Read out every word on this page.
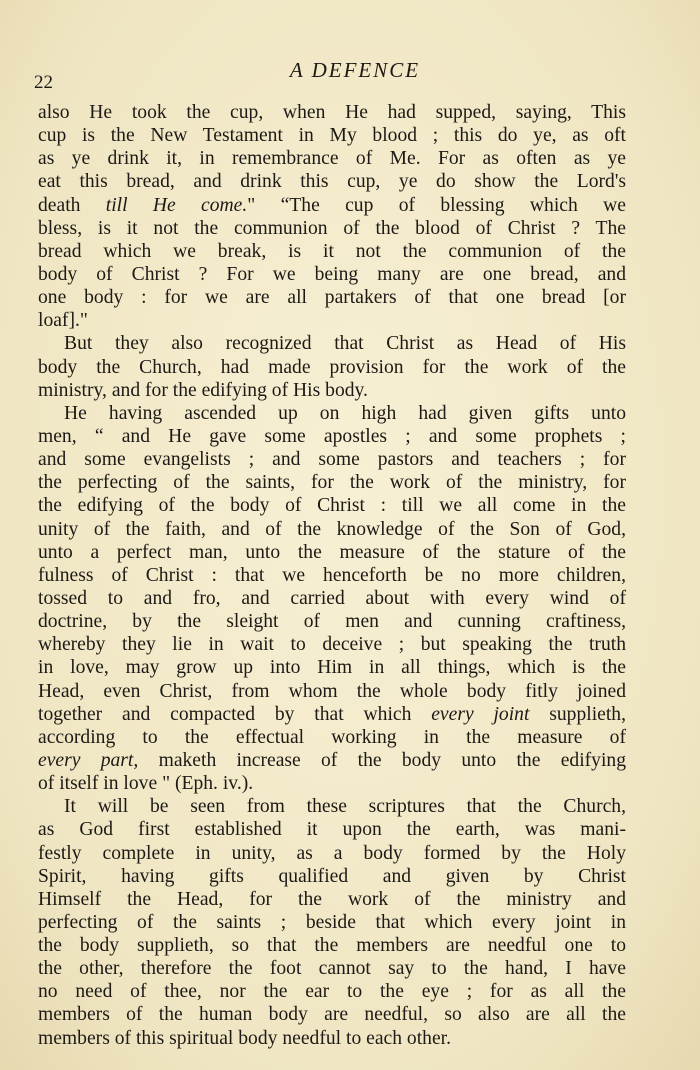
22
A DEFENCE
also He took the cup, when He had supped, saying, This
cup is the New Testament in My blood ; this do ye, as oft
as ye drink it, in remembrance of Me. For as often as ye
eat this bread, and drink this cup, ye do show the Lord's
death till He come." “The cup of blessing which we
bless, is it not the communion of the blood of Christ ? The
bread which we break, is it not the communion of the
body of Christ ? For we being many are one bread, and
one body : for we are all partakers of that one bread [or
loaf]."
But they also recognized that Christ as Head of His
body the Church, had made provision for the work of the
ministry, and for the edifying of His body.
He having ascended up on high had given gifts unto
men, “ and He gave some apostles ; and some prophets ;
and some evangelists ; and some pastors and teachers ; for
the perfecting of the saints, for the work of the ministry, for
the edifying of the body of Christ : till we all come in the
unity of the faith, and of the knowledge of the Son of God,
unto a perfect man, unto the measure of the stature of the
fulness of Christ : that we henceforth be no more children,
tossed to and fro, and carried about with every wind of
doctrine, by the sleight of men and cunning craftiness,
whereby they lie in wait to deceive ; but speaking the truth
in love, may grow up into Him in all things, which is the
Head, even Christ, from whom the whole body fitly joined
together and compacted by that which every joint supplieth,
according to the effectual working in the measure of
every part, maketh increase of the body unto the edifying
of itself in love " (Eph. iv.).
It will be seen from these scriptures that the Church,
as God first established it upon the earth, was mani-
festly complete in unity, as a body formed by the Holy
Spirit, having gifts qualified and given by Christ
Himself the Head, for the work of the ministry and
perfecting of the saints ; beside that which every joint in
the body supplieth, so that the members are needful one to
the other, therefore the foot cannot say to the hand, I have
no need of thee, nor the ear to the eye ; for as all the
members of the human body are needful, so also are all the
members of this spiritual body needful to each other.
